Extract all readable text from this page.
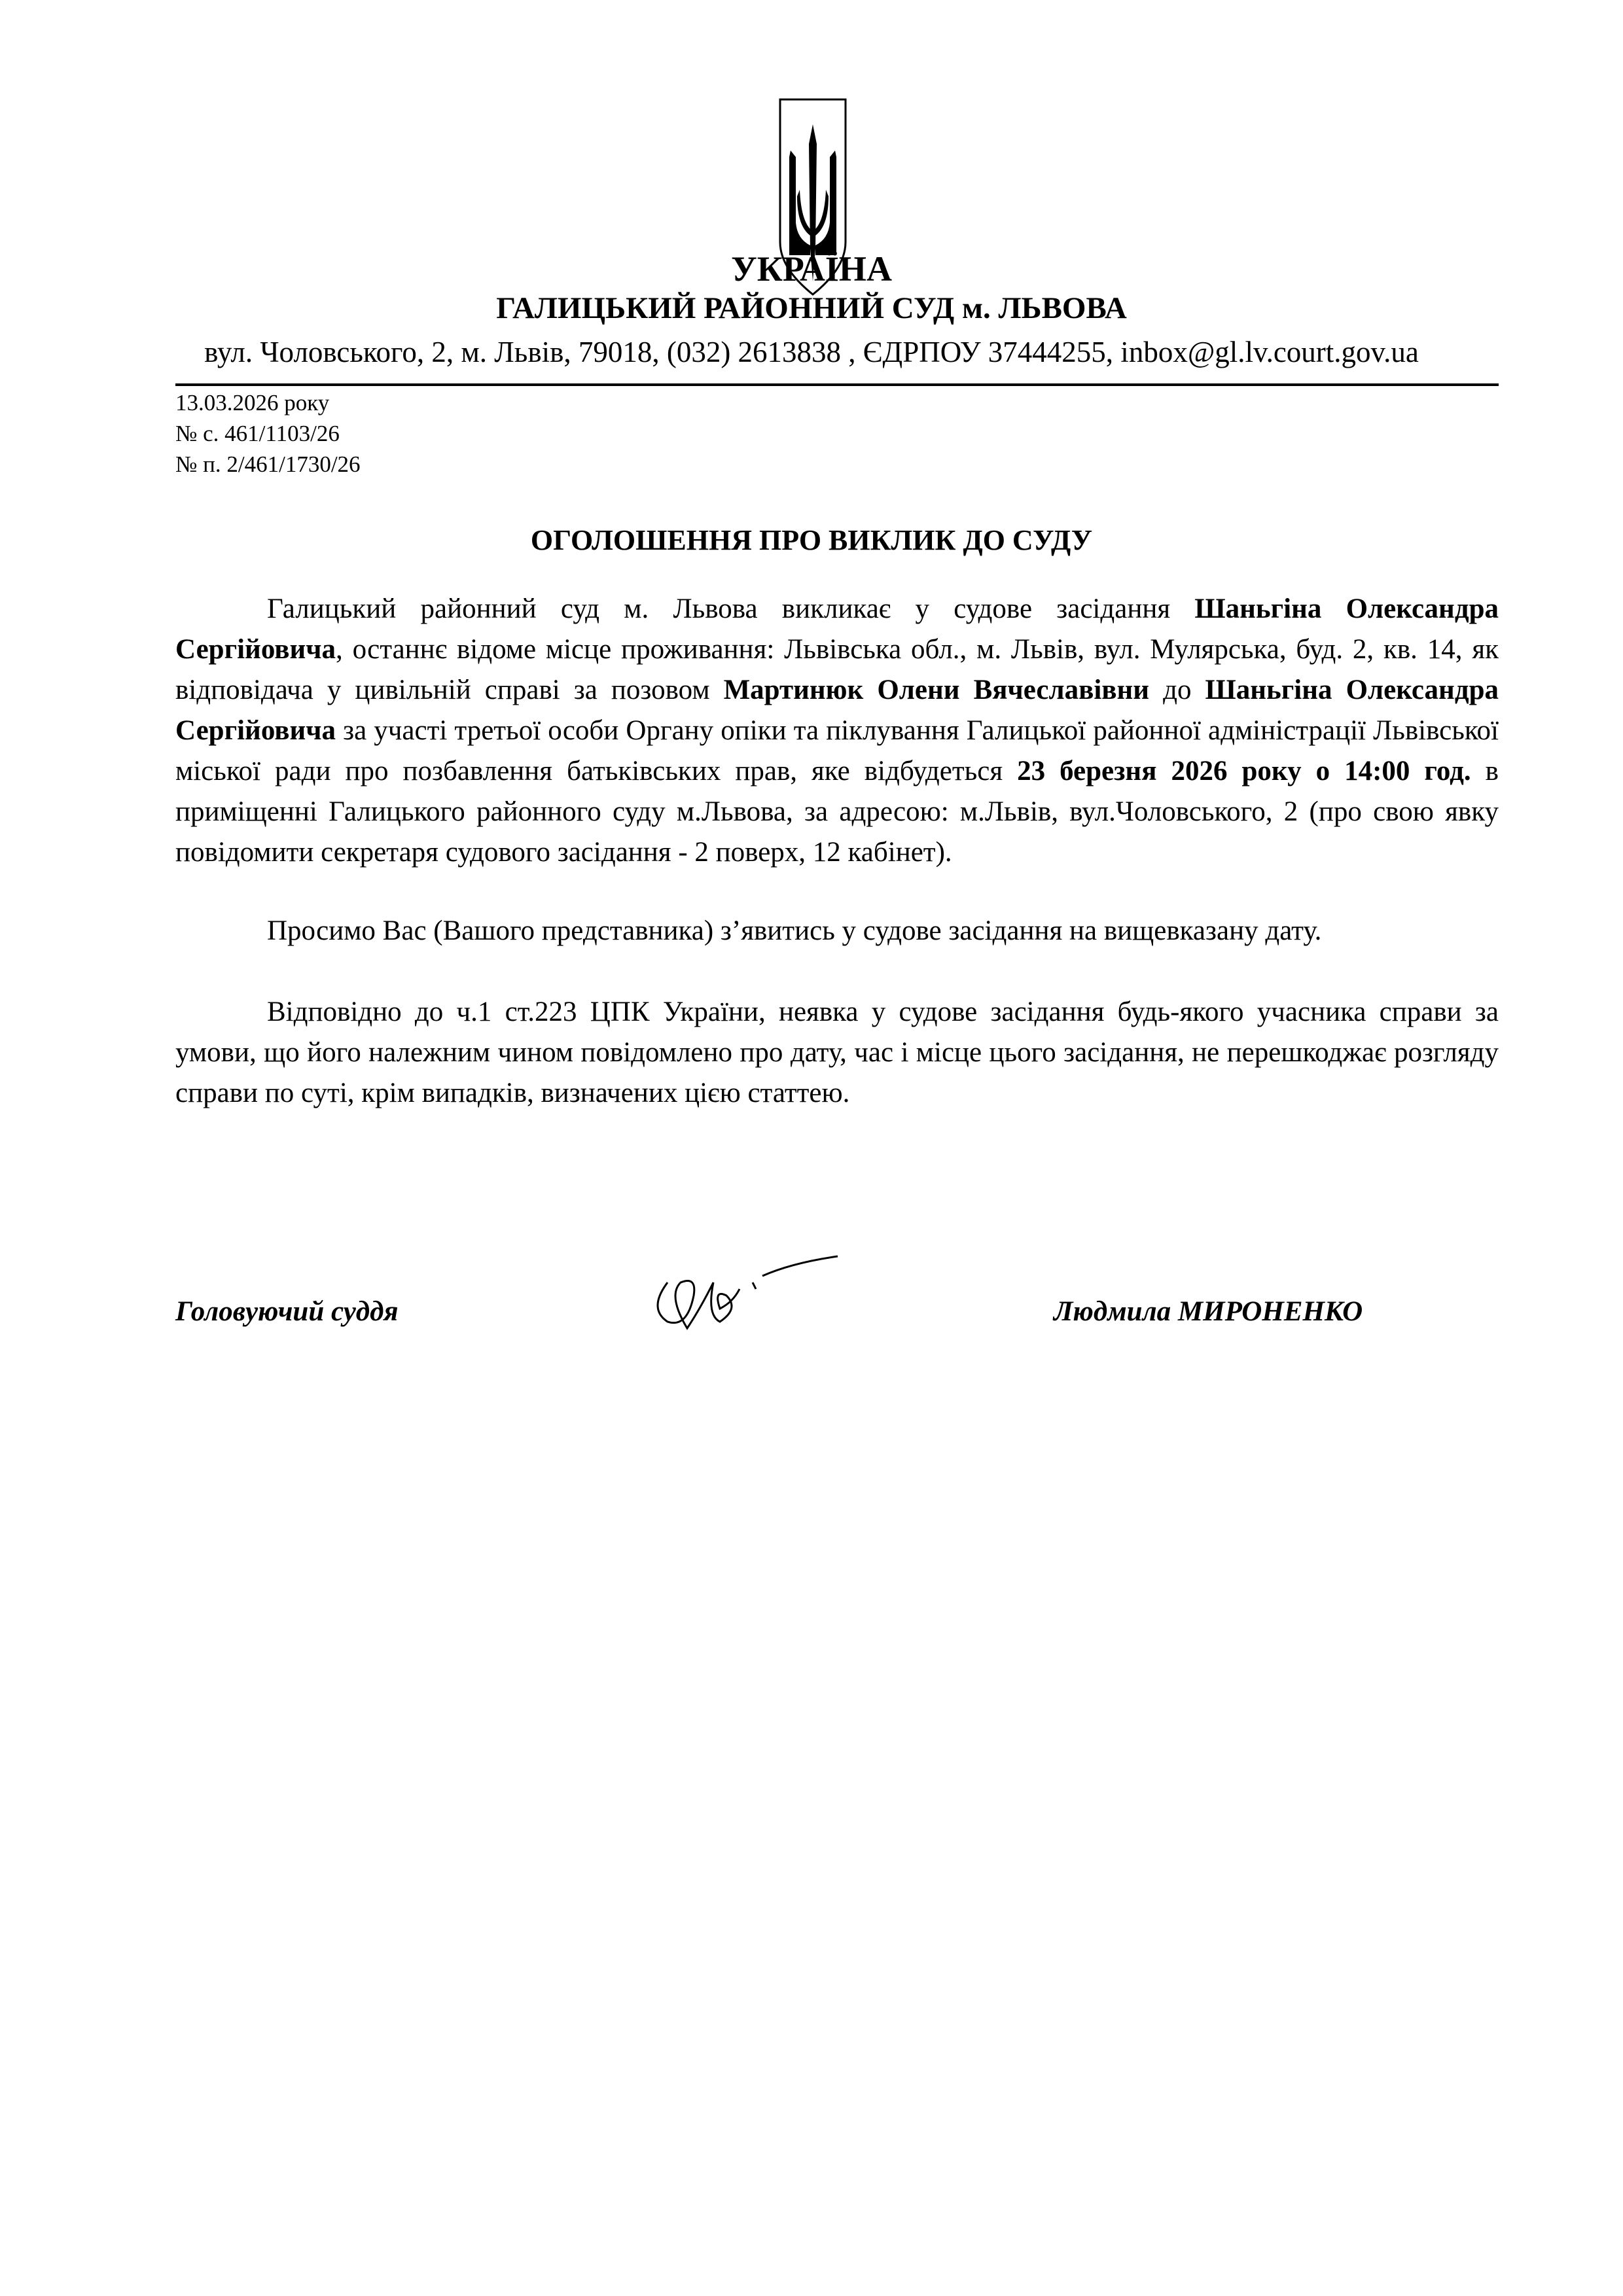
УКРАЇНА
ГАЛИЦЬКИЙ РАЙОННИЙ СУД м. ЛЬВОВА
вул. Чоловського, 2, м. Львів, 79018, (032) 2613838 , ЄДРПОУ 37444255, inbox@gl.lv.court.gov.ua
13.03.2026 року
№ с. 461/1103/26
№ п. 2/461/1730/26
ОГОЛОШЕННЯ ПРО ВИКЛИК ДО СУДУ
Галицький районний суд м. Львова викликає у судове засідання Шаньгіна Олександра Сергійовича, останнє відоме місце проживання: Львівська обл., м. Львів, вул. Мулярська, буд. 2, кв. 14, як відповідача у цивільній справі за позовом Мартинюк Олени Вячеславівни до Шаньгіна Олександра Сергійовича за участі третьої особи Органу опіки та піклування Галицької районної адміністрації Львівської міської ради про позбавлення батьківських прав, яке відбудеться 23 березня 2026 року о 14:00 год. в приміщенні Галицького районного суду м.Львова, за адресою: м.Львів, вул.Чоловського, 2 (про свою явку повідомити секретаря судового засідання - 2 поверх, 12 кабінет).
Просимо Вас (Вашого представника) з’явитись у судове засідання на вищевказану дату.
Відповідно до ч.1 ст.223 ЦПК України, неявка у судове засідання будь-якого учасника справи за умови, що його належним чином повідомлено про дату, час і місце цього засідання, не перешкоджає розгляду справи по суті, крім випадків, визначених цією статтею.
Головуючий суддя	Людмила МИРОНЕНКО
